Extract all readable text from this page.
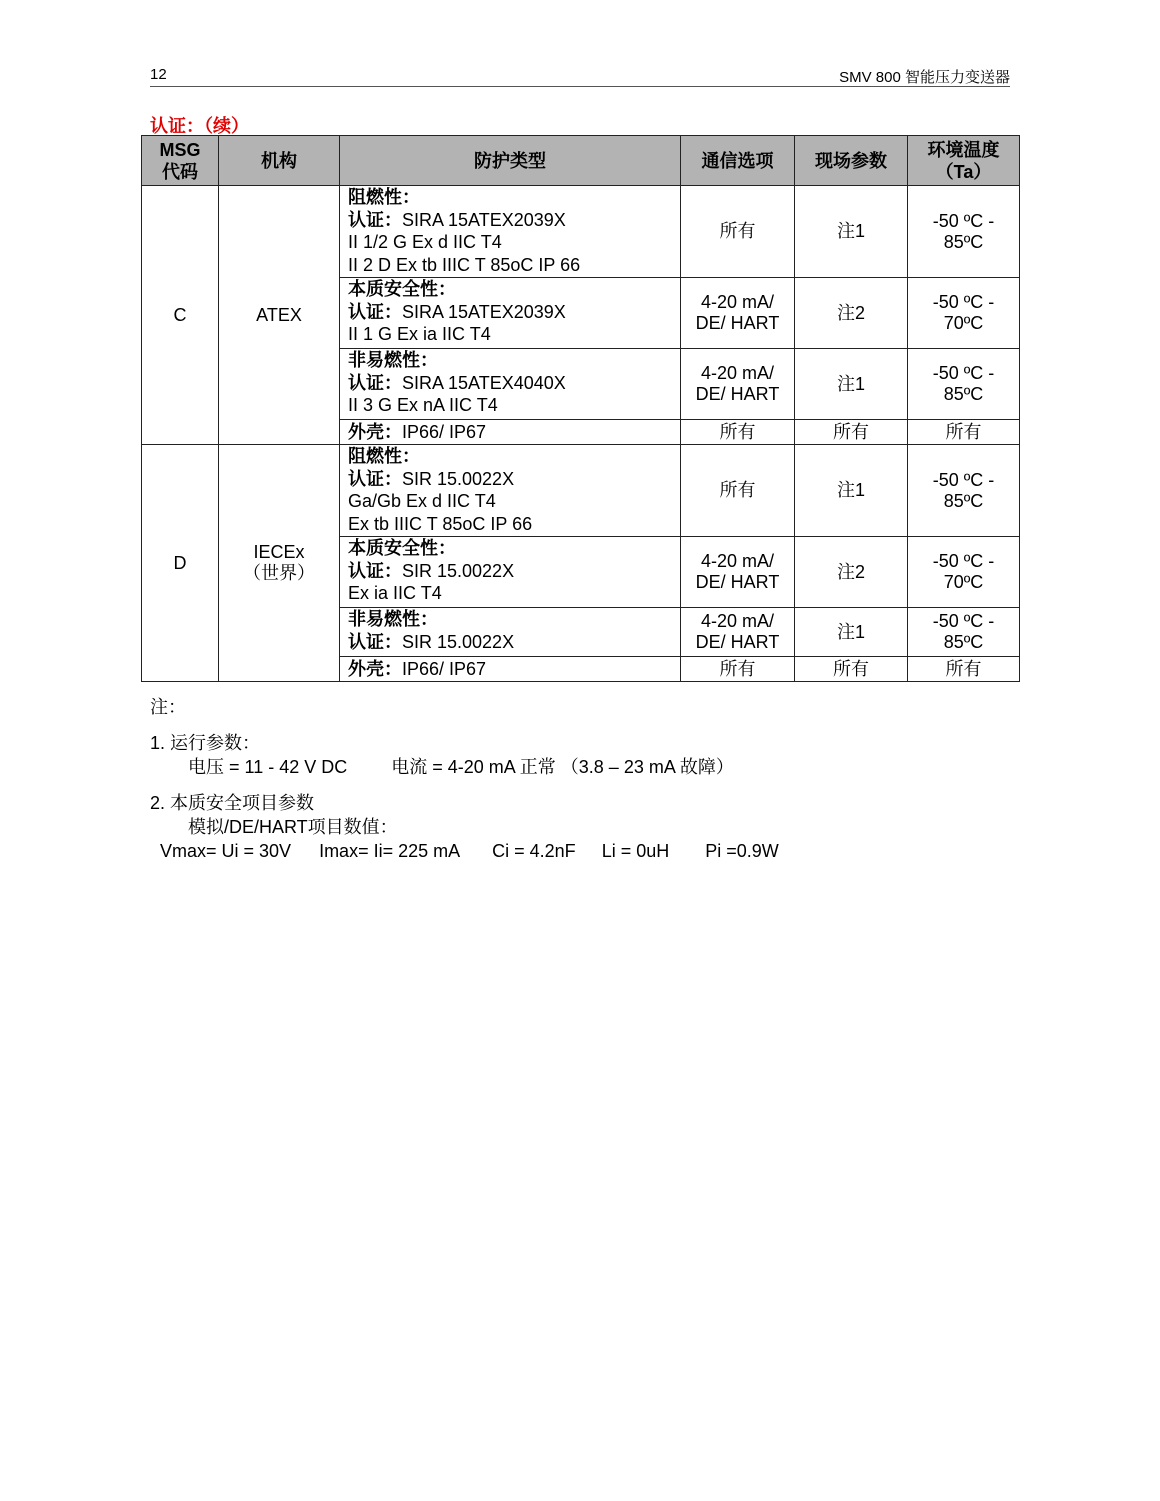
12	SMV 800 智能压力变送器
认证：（续）
MSG
代码	机构	防护类型	通信选项	现场参数	环境温度
（Ta）
C	ATEX	阻燃性：
认证：SIRA 15ATEX2039X
II 1/2 G Ex d IIC T4
II 2 D Ex tb IIIC T 85oC IP 66	所有	注1	-50 ºC -
85ºC
		本质安全性：
认证：SIRA 15ATEX2039X
II 1 G Ex ia IIC T4	4-20 mA/
DE/ HART	注2	-50 ºC -
70ºC
		非易燃性：
认证：SIRA 15ATEX4040X
II 3 G Ex nA IIC T4	4-20 mA/
DE/ HART	注1	-50 ºC -
85ºC
		外壳：IP66/ IP67	所有	所有	所有
D	IECEx
（世界）	阻燃性：
认证：SIR 15.0022X
Ga/Gb Ex d IIC T4
Ex tb IIIC T 85oC IP 66	所有	注1	-50 ºC -
85ºC
		本质安全性：
认证：SIR 15.0022X
Ex ia IIC T4	4-20 mA/
DE/ HART	注2	-50 ºC -
70ºC
		非易燃性：
认证：SIR 15.0022X	4-20 mA/
DE/ HART	注1	-50 ºC -
85ºC
		外壳：IP66/ IP67	所有	所有	所有
注：
1. 运行参数：
电压 = 11 - 42 V DC 电流 = 4-20 mA 正常 （3.8 – 23 mA 故障）
2. 本质安全项目参数
模拟/DE/HART项目数值：
Vmax= Ui = 30V Imax= Ii= 225 mA Ci = 4.2nF Li = 0uH Pi =0.9W
